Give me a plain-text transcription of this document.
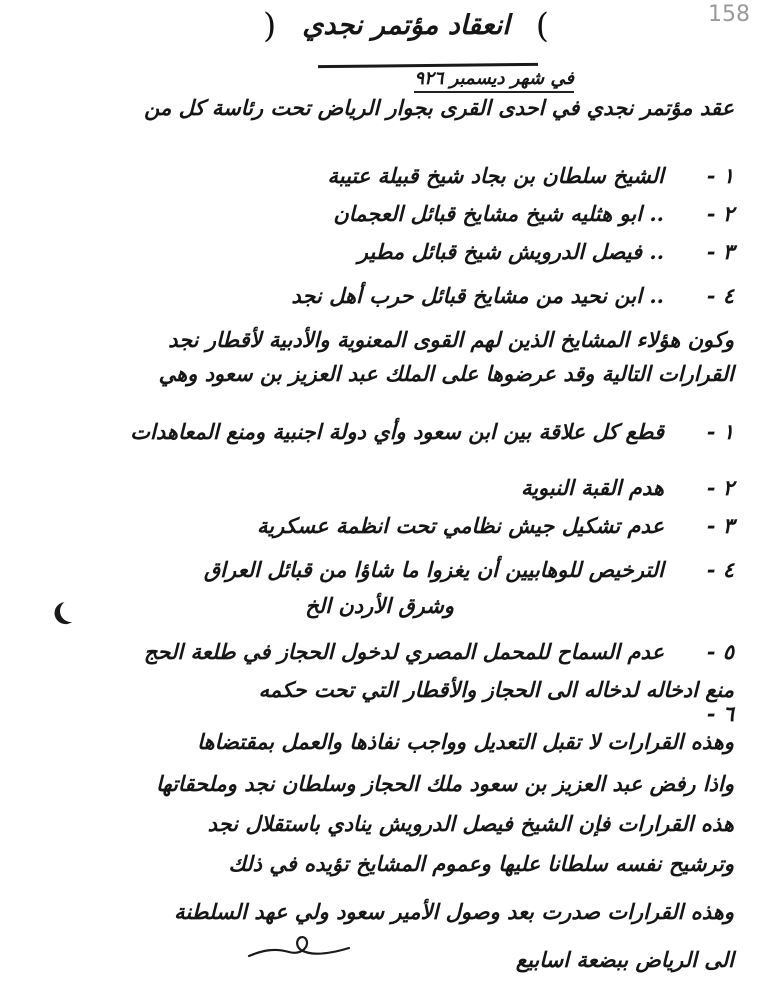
) انعقاد مؤتمر نجدي (	158
في شهر ديسمبر ٩٢٦
عقد مؤتمر نجدي في احدى القرى بجوار الرياض تحت رئاسة كل من
١ -الشيخ سلطان بن بجاد شيخ قبيلة عتيبة
٢ -.. ابو هثليه شيخ مشايخ قبائل العجمان
٣ -.. فيصل الدرويش شيخ قبائل مطير
٤ -.. ابن نحيد من مشايخ قبائل حرب أهل نجد
وكون هؤلاء المشايخ الذين لهم القوى المعنوية والأدبية لأقطار نجد
القرارات التالية وقد عرضوها على الملك عبد العزيز بن سعود وهي
١ -قطع كل علاقة بين ابن سعود وأي دولة اجنبية ومنع المعاهدات
٢ -هدم القبة النبوية
٣ -عدم تشكيل جيش نظامي تحت انظمة عسكرية
٤ -الترخيص للوهابيين أن يغزوا ما شاؤا من قبائل العراق
وشرق الأردن الخ
٥ -عدم السماح للمحمل المصري لدخول الحجاز في طلعة الحج
منع ادخاله لدخاله الى الحجاز والأقطار التي تحت حكمه
٦ -
وهذه القرارات لا تقبل التعديل وواجب نفاذها والعمل بمقتضاها
واذا رفض عبد العزيز بن سعود ملك الحجاز وسلطان نجد وملحقاتها
هذه القرارات فإن الشيخ فيصل الدرويش ينادي باستقلال نجد
وترشيح نفسه سلطانا عليها وعموم المشايخ تؤيده في ذلك
وهذه القرارات صدرت بعد وصول الأمير سعود ولي عهد السلطنة
الى الرياض ببضعة اسابيع
